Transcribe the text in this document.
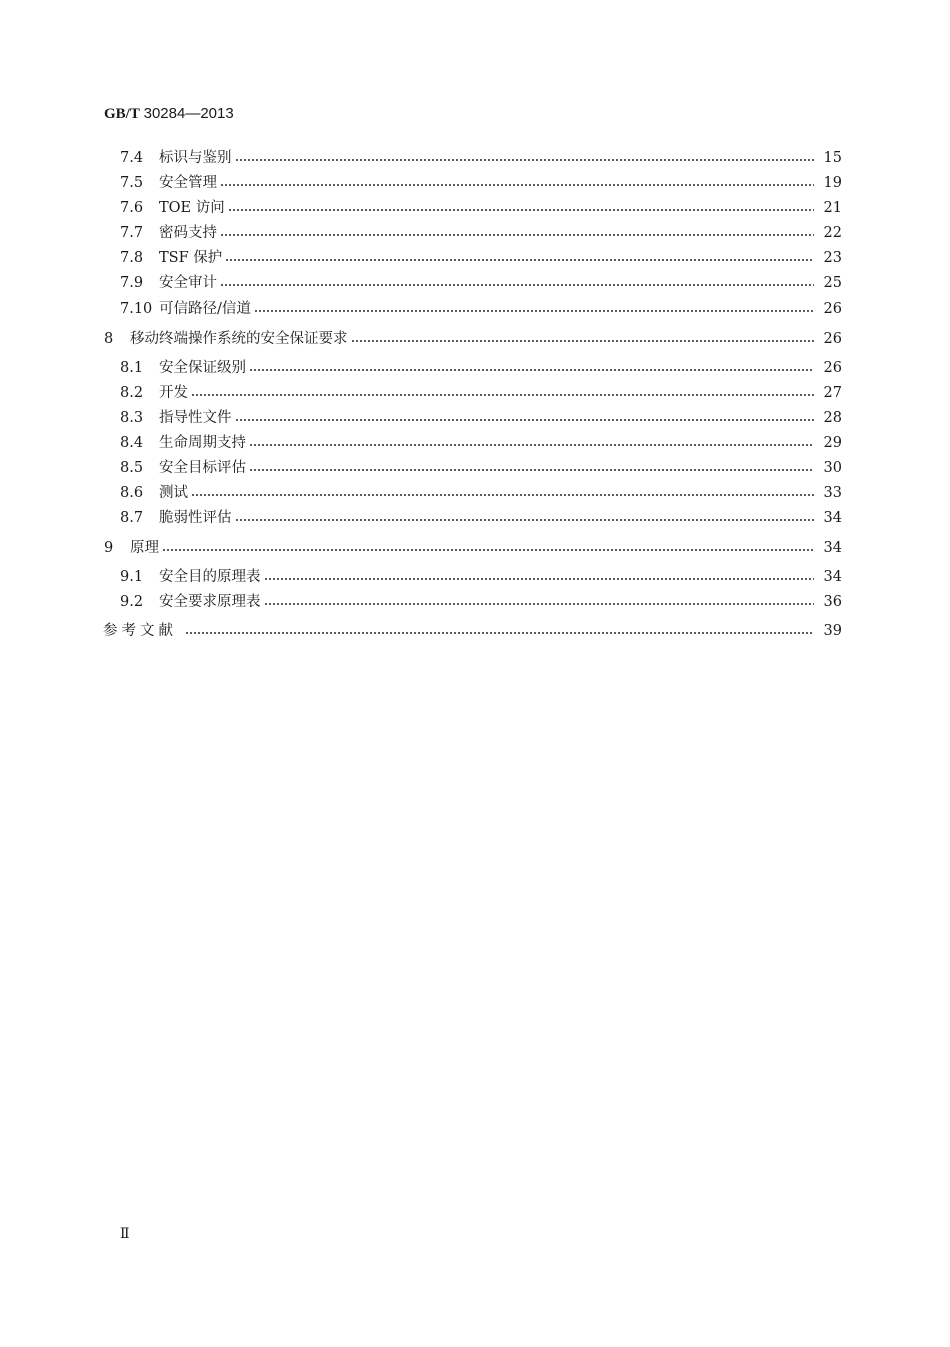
GB/T 30284—2013
7.4	标识与鉴别	15
7.5	安全管理	19
7.6	TOE 访问	21
7.7	密码支持	22
7.8	TSF 保护	23
7.9	安全审计	25
7.10 可信路径/信道	26
8	移动终端操作系统的安全保证要求	26
8.1	安全保证级别	26
8.2	开发	27
8.3	指导性文件	28
8.4	生命周期支持	29
8.5	安全目标评估	30
8.6	测试	33
8.7	脆弱性评估	34
9	原理	34
9.1	安全目的原理表	34
9.2	安全要求原理表	36
参考文献	39
Ⅱ
